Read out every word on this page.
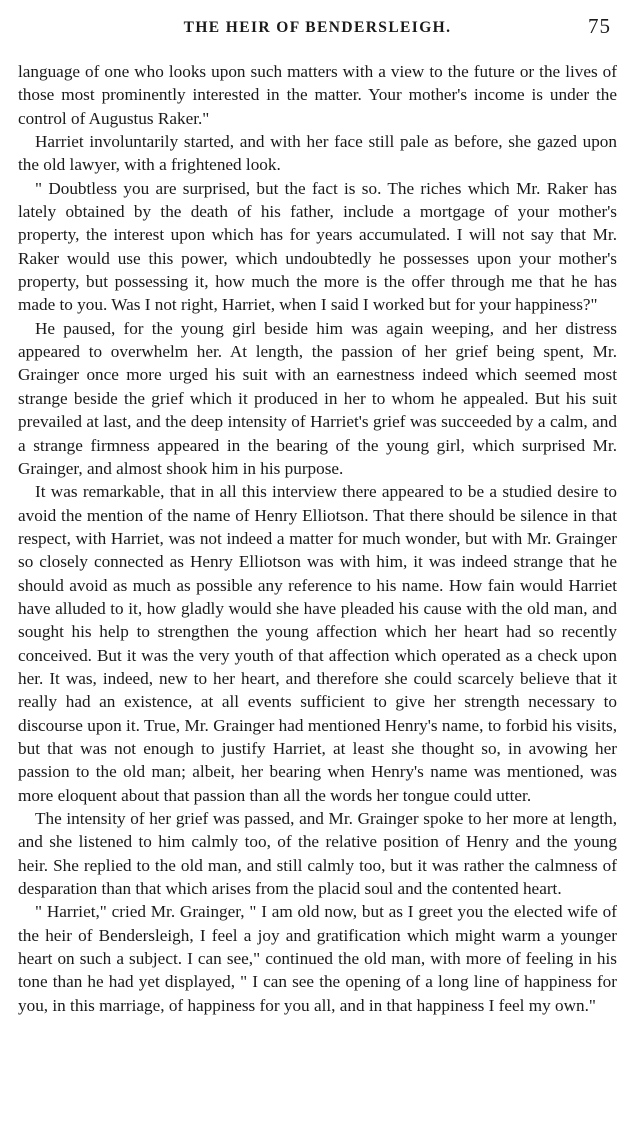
THE HEIR OF BENDERSLEIGH.	75

language of one who looks upon such matters with a view to the future or the lives of those most prominently interested in the matter. Your mother's income is under the control of Augustus Raker."

Harriet involuntarily started, and with her face still pale as before, she gazed upon the old lawyer, with a frightened look.

" Doubtless you are surprised, but the fact is so. The riches which Mr. Raker has lately obtained by the death of his father, include a mortgage of your mother's property, the interest upon which has for years accumulated. I will not say that Mr. Raker would use this power, which undoubtedly he possesses upon your mother's property, but possessing it, how much the more is the offer through me that he has made to you. Was I not right, Harriet, when I said I worked but for your happiness?"

He paused, for the young girl beside him was again weeping, and her distress appeared to overwhelm her. At length, the passion of her grief being spent, Mr. Grainger once more urged his suit with an earnestness indeed which seemed most strange beside the grief which it produced in her to whom he appealed. But his suit prevailed at last, and the deep intensity of Harriet's grief was succeeded by a calm, and a strange firmness appeared in the bearing of the young girl, which surprised Mr. Grainger, and almost shook him in his purpose.

It was remarkable, that in all this interview there appeared to be a studied desire to avoid the mention of the name of Henry Elliotson. That there should be silence in that respect, with Harriet, was not indeed a matter for much wonder, but with Mr. Grainger so closely connected as Henry Elliotson was with him, it was indeed strange that he should avoid as much as possible any reference to his name. How fain would Harriet have alluded to it, how gladly would she have pleaded his cause with the old man, and sought his help to strengthen the young affection which her heart had so recently conceived. But it was the very youth of that affection which operated as a check upon her. It was, indeed, new to her heart, and therefore she could scarcely believe that it really had an existence, at all events sufficient to give her strength necessary to discourse upon it. True, Mr. Grainger had mentioned Henry's name, to forbid his visits, but that was not enough to justify Harriet, at least she thought so, in avowing her passion to the old man; albeit, her bearing when Henry's name was mentioned, was more eloquent about that passion than all the words her tongue could utter.

The intensity of her grief was passed, and Mr. Grainger spoke to her more at length, and she listened to him calmly too, of the relative position of Henry and the young heir. She replied to the old man, and still calmly too, but it was rather the calmness of desparation than that which arises from the placid soul and the contented heart.

" Harriet," cried Mr. Grainger, " I am old now, but as I greet you the elected wife of the heir of Bendersleigh, I feel a joy and gratification which might warm a younger heart on such a subject. I can see," continued the old man, with more of feeling in his tone than he had yet displayed, " I can see the opening of a long line of happiness for you, in this marriage, of happiness for you all, and in that happiness I feel my own."
